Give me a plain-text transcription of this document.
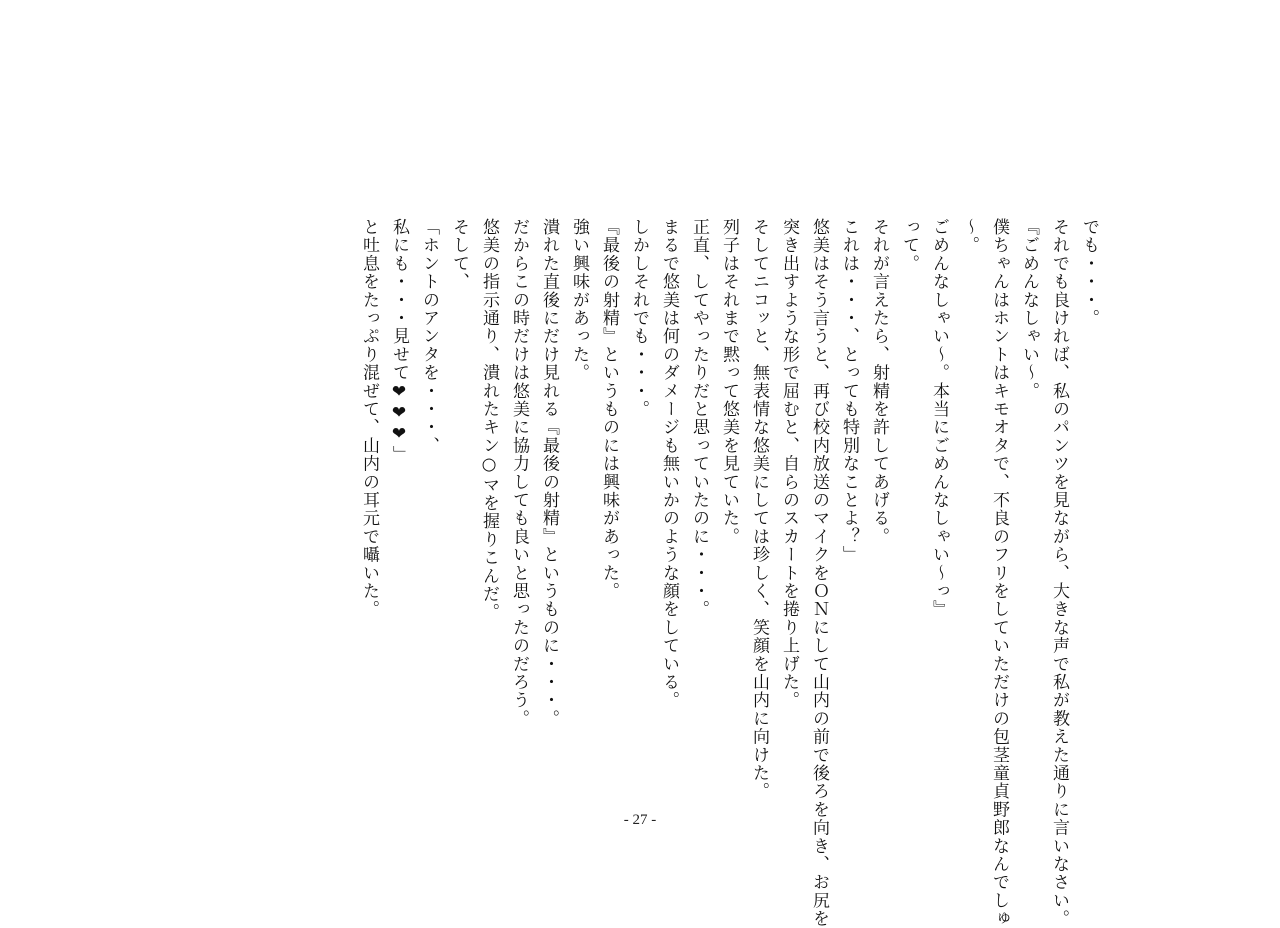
でも・・・。
それでも良ければ、私のパンツを見ながら、大きな声で私が教えた通りに言いなさい。
『ごめんなしゃい〜。
僕ちゃんはホントはキモオタで、不良のフリをしていただけの包茎童貞野郎なんでしゅ
〜。
ごめんなしゃい〜。本当にごめんなしゃい〜っ』
って。
それが言えたら、射精を許してあげる。
これは・・・、とっても特別なことよ？」
悠美はそう言うと、再び校内放送のマイクをＯＮにして山内の前で後ろを向き、お尻を
突き出すような形で屈むと、自らのスカートを捲り上げた。
そしてニコッと、無表情な悠美にしては珍しく、笑顔を山内に向けた。
列子はそれまで黙って悠美を見ていた。
正直、してやったりだと思っていたのに・・・。
まるで悠美は何のダメージも無いかのような顔をしている。
しかしそれでも・・・。
『最後の射精』というものには興味があった。
強い興味があった。
潰れた直後にだけ見れる『最後の射精』というものに・・・。
だからこの時だけは悠美に協力しても良いと思ったのだろう。
悠美の指示通り、潰れたキン○マを握りこんだ。
そして、
「ホントのアンタを・・・、
私にも・・・見せて❤❤❤」
と吐息をたっぷり混ぜて、山内の耳元で囁いた。
- 27 -
